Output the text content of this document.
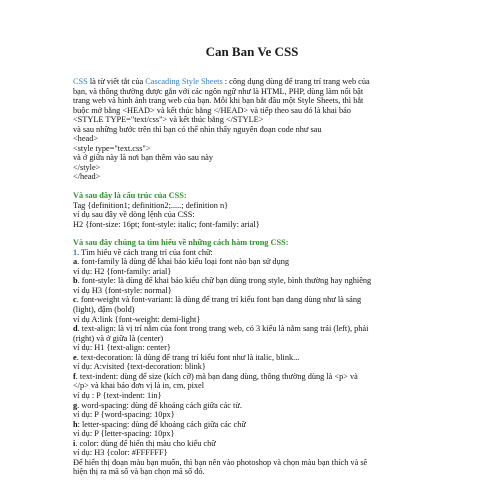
Can Ban Ve CSS
CSS là từ viết tắt của Cascading Style Sheets : công dụng dùng để trang trí trang web của
bạn, và thông thường được gắn với các ngôn ngữ như là HTML, PHP, dùng làm nổi bật
trang web và hình ảnh trang web của bạn. Mỗi khi bạn bắt đầu một Style Sheets, thì bắt
buộc mở bằng <HEAD> và kết thúc bằng </HEAD> và tiếp theo sau đó là khai báo
<STYLE TYPE="text/css"> và kết thúc bằng </STYLE>
và sau những bước trên thì bạn có thể nhìn thấy nguyên đoạn code như sau
<head>
<style type="text.css">
và ở giữa này là nơi bạn thêm vào sau này
</style>
</head>
Và sau đây là cấu trúc của CSS:
Tag {definition1; definition2;.....; definition n}
ví dụ sau đây về dòng lệnh của CSS:
H2 {font-size: 16pt; font-style: italic; font-family: arial}
Và sau đây chúng ta tìm hiểu về những cách hàm trong CSS:
1. Tìm hiểu về cách trang trí của font chữ:
a. font-family là dùng để khai báo kiểu loại font nào bạn sử dụng
ví dụ: H2 {font-family: arial}
b. font-style: là dùng để khai báo kiểu chữ bạn dùng trong style, bình thường hay nghiêng
ví dụ H3 {font-style: normal}
c. font-weight và font-variant: là dùng để trang trí kiểu font bạn đang dùng như là sáng
(light), đậm (bold)
ví dụ A:link {font-weight: demi-light}
d. text-align: là vị trí nằm của font trong trang web, có 3 kiểu là nằm sang trái (left), phải
(right) và ở giữa là (center)
ví dụ: H1 {text-align: center}
e. text-decoration: là dùng để trang trí kiểu font như là italic, blink...
ví dụ: A:visited {text-decoration: blink}
f. text-indent: dùng để size (kích cỡ) mà bạn đang dùng, thông thường dùng là <p> và
</p> và khai báo đơn vị là in, cm, pixel
ví dụ : P {text-indent: 1in}
g. word-spacing: dùng để khoảng cách giữa các từ.
ví dụ: P {word-spacing: 10px}
h: letter-spacing: dùng để khoảng cách giữa các chữ
ví dụ: P {letter-spacing: 10px}
i. color: dùng để hiển thị màu cho kiểu chữ
ví dụ: H3 {color: #FFFFFF}
Để hiển thị đoạn màu bạn muốn, thì bạn nên vào photoshop và chọn màu bạn thích và sẽ
hiện thị ra mã số và bạn chọn mã số đó.
